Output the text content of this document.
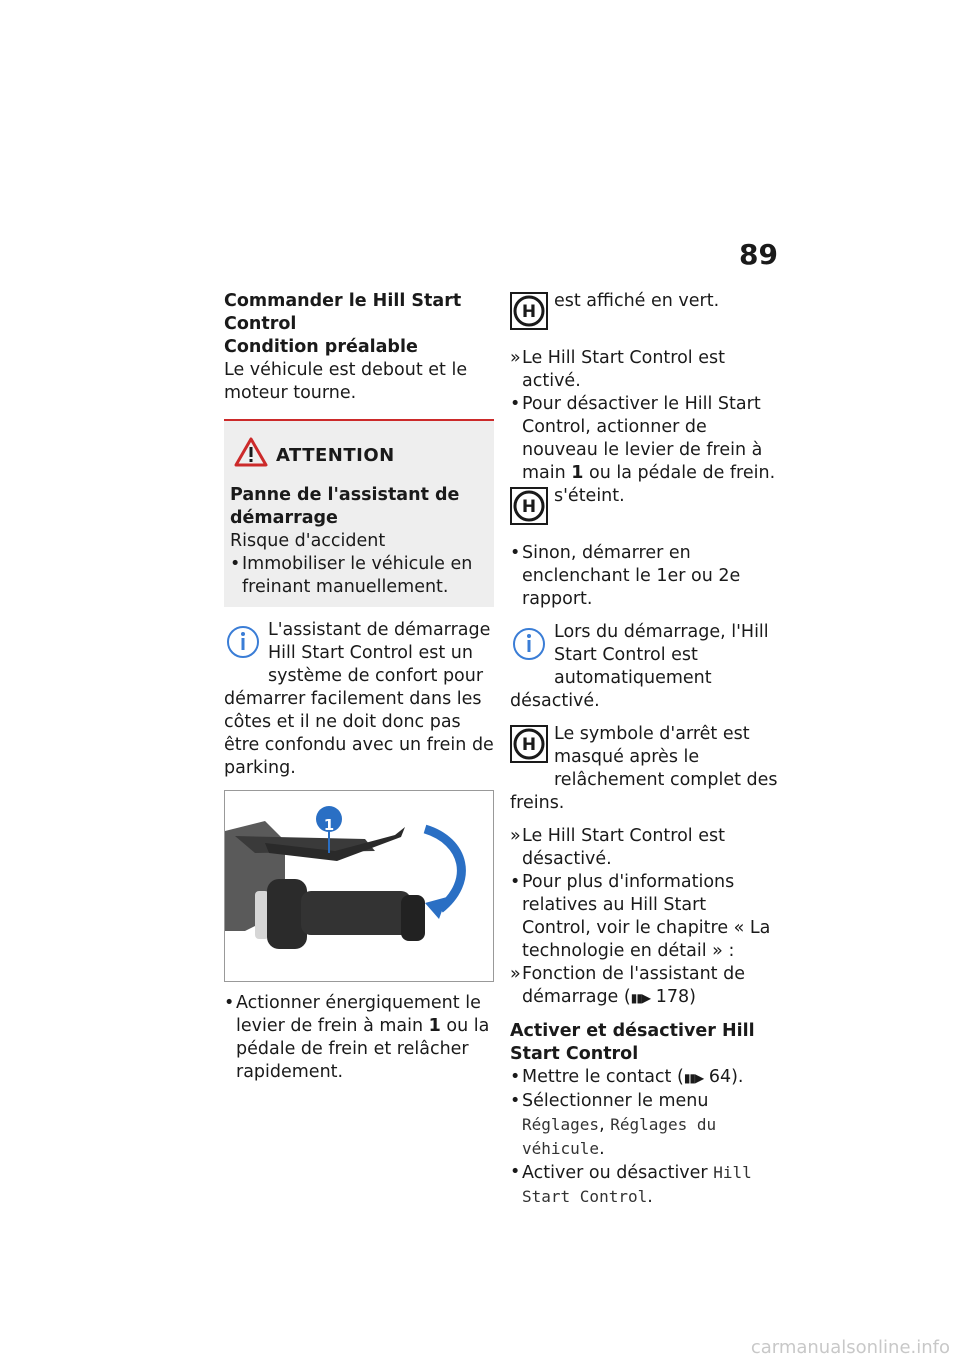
89

Commander le Hill Start Control

Condition préalable

Le véhicule est debout et le moteur tourne.

ATTENTION

Panne de l'assistant de démarrage

Risque d'accident

• Immobiliser le véhicule en freinant manuellement.

L'assistant de démarrage Hill Start Control est un système de confort pour démarrer facilement dans les côtes et il ne doit donc pas être confondu avec un frein de parking.

1
• Actionner énergiquement le levier de frein à main 1 ou la pédale de frein et relâcher rapidement.
H

est affiché en vert.

» Le Hill Start Control est activé.

• Pour désactiver le Hill Start Control, actionner de nouveau le levier de frein à main 1 ou la pédale de frein.
H

s'éteint.

• Sinon, démarrer en enclenchant le 1er ou 2e rapport.

Lors du démarrage, l'Hill Start Control est automatiquement désactivé.

H

Le symbole d'arrêt est masqué après le relâchement complet des freins.

» Le Hill Start Control est désactivé.

• Pour plus d'informations relatives au Hill Start Control, voir le chapitre « La technologie en détail » :

» Fonction de l'assistant de démarrage (▮▮▶ 178)

Activer et désactiver Hill Start Control

• Mettre le contact (▮▮▶ 64).
• Sélectionner le menu Réglages, Réglages du véhicule.
• Activer ou désactiver Hill Start Control.
carmanualsonline.info
